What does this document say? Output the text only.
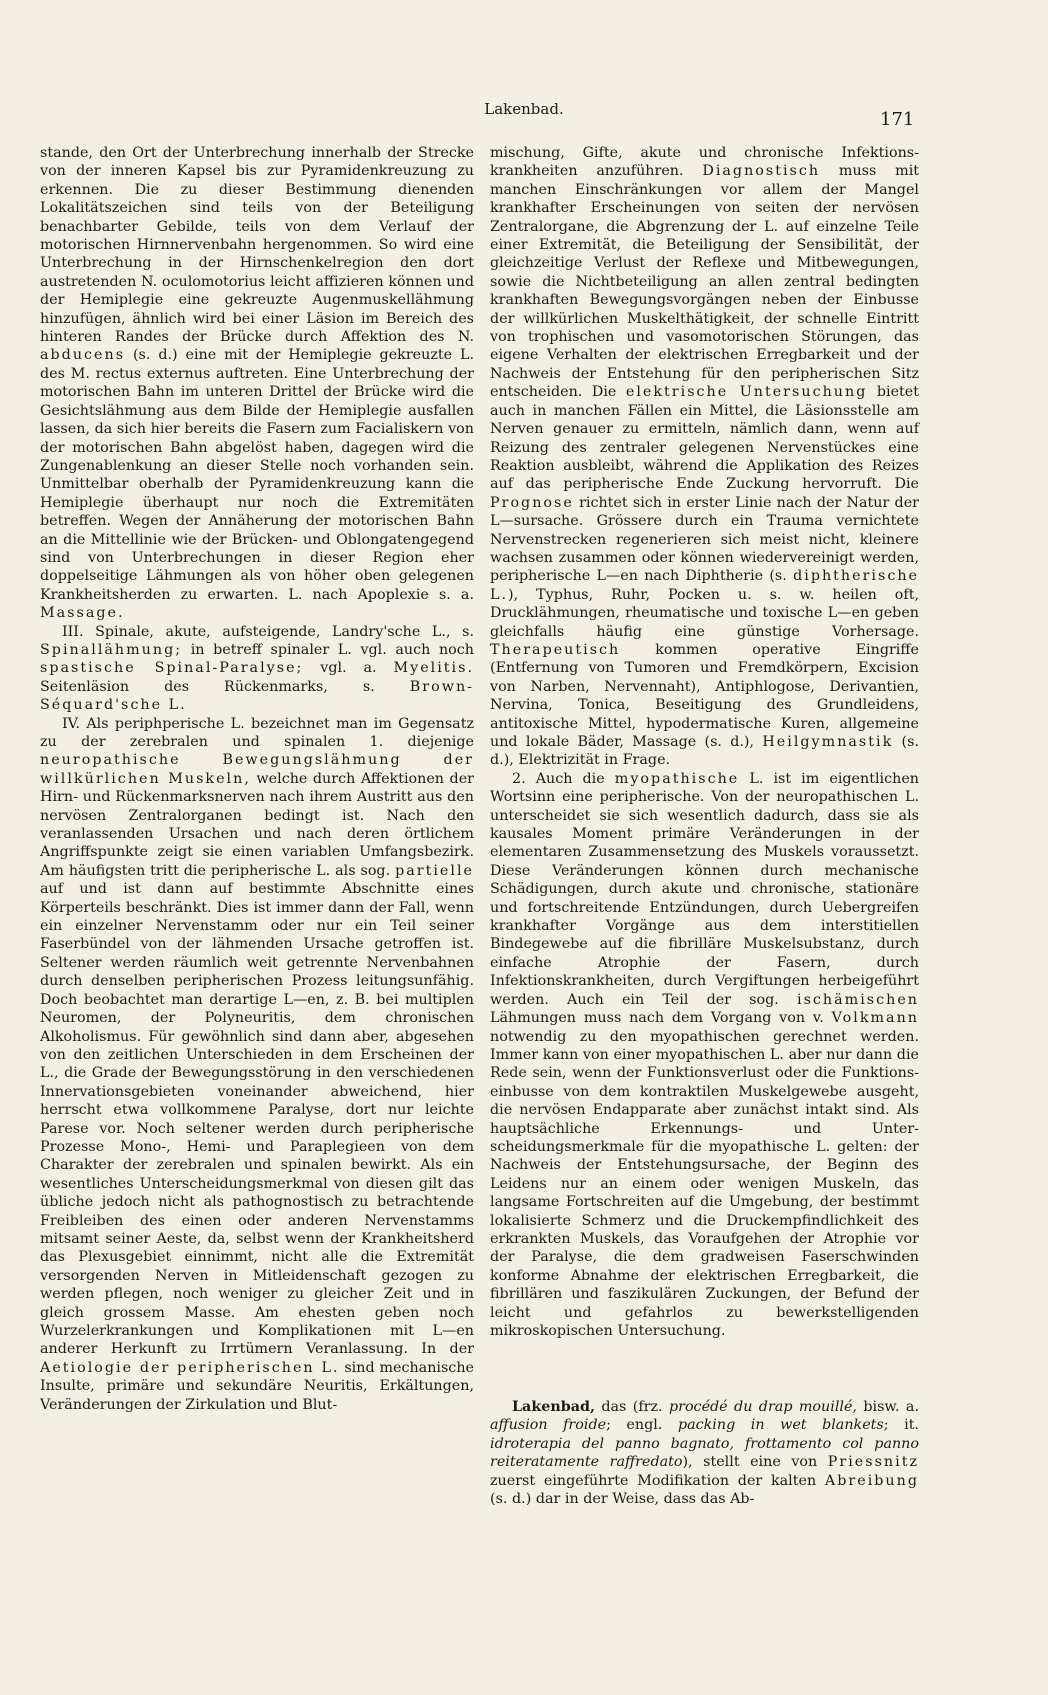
Lakenbad.	171

stande, den Ort der Unterbrechung innerhalb der Strecke von der inneren Kapsel bis zur Pyramidenkreuzung zu erkennen. Die zu dieser Bestimmung dienenden Lokalitätszeichen sind teils von der Beteiligung benachbarter Gebilde, teils von dem Verlauf der motorischen Hirnnervenbahn hergenommen. So wird eine Unterbrechung in der Hirnschenkelregion den dort austretenden N. oculomotorius leicht affizieren können und der Hemiplegie eine gekreuzte Augenmuskellähmung hinzufügen, ähnlich wird bei einer Läsion im Bereich des hinteren Randes der Brücke durch Affektion des N. abducens (s. d.) eine mit der Hemiplegie gekreuzte L. des M. rectus externus auftreten. Eine Unterbrechung der motorischen Bahn im unteren Drittel der Brücke wird die Gesichtslähmung aus dem Bilde der Hemiplegie ausfallen lassen, da sich hier bereits die Fasern zum Facialiskern von der motorischen Bahn abgelöst haben, dagegen wird die Zungenablenkung an dieser Stelle noch vorhanden sein. Unmittelbar oberhalb der Pyramidenkreuzung kann die Hemiplegie überhaupt nur noch die Extremitäten betreffen. Wegen der Annäherung der motorischen Bahn an die Mittellinie wie der Brücken- und Oblongatengegend sind von Unterbrechungen in dieser Region eher doppelseitige Lähmungen als von höher oben gelegenen Krankheitsherden zu erwarten. L. nach Apoplexie s. a. Massage.

III. Spinale, akute, aufsteigende, Landry'sche L., s. Spinallähmung; in betreff spinaler L. vgl. auch noch spastische Spinal-Paralyse; vgl. a. Myelitis. Seitenläsion des Rückenmarks, s. Brown-Séquard'sche L.

IV. Als periphperische L. bezeichnet man im Gegensatz zu der zerebralen und spinalen 1. diejenige neuropathische Bewegungslähmung der willkürlichen Muskeln, welche durch Affektionen der Hirn- und Rückenmarksnerven nach ihrem Austritt aus den nervösen Zentralorganen bedingt ist. Nach den veranlassenden Ursachen und nach deren örtlichem Angriffspunkte zeigt sie einen variablen Umfangsbezirk. Am häufigsten tritt die peripherische L. als sog. partielle auf und ist dann auf bestimmte Abschnitte eines Körperteils beschränkt. Dies ist immer dann der Fall, wenn ein einzelner Nervenstamm oder nur ein Teil seiner Faserbündel von der lähmenden Ursache getroffen ist. Seltener werden räumlich weit getrennte Nervenbahnen durch denselben peripherischen Prozess leitungsunfähig. Doch beobachtet man derartige L—en, z. B. bei multiplen Neuromen, der Polyneuritis, dem chronischen Alkoholismus. Für gewöhnlich sind dann aber, abgesehen von den zeitlichen Unterschieden in dem Erscheinen der L., die Grade der Bewegungsstörung in den verschiedenen Innervationsgebieten voneinander abweichend, hier herrscht etwa vollkommene Paralyse, dort nur leichte Parese vor. Noch seltener werden durch peripherische Prozesse Mono-, Hemi- und Paraplegieen von dem Charakter der zerebralen und spinalen bewirkt. Als ein wesentliches Unterscheidungsmerkmal von diesen gilt das übliche jedoch nicht als pathognostisch zu betrachtende Freibleiben des einen oder anderen Nervenstamms mitsamt seiner Aeste, da, selbst wenn der Krankheitsherd das Plexusgebiet einnimmt, nicht alle die Extremität versorgenden Nerven in Mitleidenschaft gezogen zu werden pflegen, noch weniger zu gleicher Zeit und in gleich grossem Masse. Am ehesten geben noch Wurzelerkrankungen und Komplikationen mit L—en anderer Herkunft zu Irrtümern Veranlassung. In der Aetiologie der peripherischen L. sind mechanische Insulte, primäre und sekundäre Neuritis, Erkältungen, Veränderungen der Zirkulation und Blut-

mischung, Gifte, akute und chronische Infektionskrankheiten anzuführen. Diagnostisch muss mit manchen Einschränkungen vor allem der Mangel krankhafter Erscheinungen von seiten der nervösen Zentralorgane, die Abgrenzung der L. auf einzelne Teile einer Extremität, die Beteiligung der Sensibilität, der gleichzeitige Verlust der Reflexe und Mitbewegungen, sowie die Nichtbeteiligung an allen zentral bedingten krankhaften Bewegungsvorgängen neben der Einbusse der willkürlichen Muskelthätigkeit, der schnelle Eintritt von trophischen und vasomotorischen Störungen, das eigene Verhalten der elektrischen Erregbarkeit und der Nachweis der Entstehung für den peripherischen Sitz entscheiden. Die elektrische Untersuchung bietet auch in manchen Fällen ein Mittel, die Läsionsstelle am Nerven genauer zu ermitteln, nämlich dann, wenn auf Reizung des zentraler gelegenen Nervenstückes eine Reaktion ausbleibt, während die Applikation des Reizes auf das peripherische Ende Zuckung hervorruft. Die Prognose richtet sich in erster Linie nach der Natur der L—sursache. Grössere durch ein Trauma vernichtete Nervenstrecken regenerieren sich meist nicht, kleinere wachsen zusammen oder können wiedervereinigt werden, peripherische L—en nach Diphtherie (s. diphtherische L.), Typhus, Ruhr, Pocken u. s. w. heilen oft, Drucklähmungen, rheumatische und toxische L—en geben gleichfalls häufig eine günstige Vorhersage. Therapeutisch kommen operative Eingriffe (Entfernung von Tumoren und Fremdkörpern, Excision von Narben, Nervennaht), Antiphlogose, Derivantien, Nervina, Tonica, Beseitigung des Grundleidens, antitoxische Mittel, hypodermatische Kuren, allgemeine und lokale Bäder, Massage (s. d.), Heilgymnastik (s. d.), Elektrizität in Frage.

2. Auch die myopathische L. ist im eigentlichen Wortsinn eine peripherische. Von der neuropathischen L. unterscheidet sie sich wesentlich dadurch, dass sie als kausales Moment primäre Veränderungen in der elementaren Zusammensetzung des Muskels voraussetzt. Diese Veränderungen können durch mechanische Schädigungen, durch akute und chronische, stationäre und fortschreitende Entzündungen, durch Uebergreifen krankhafter Vorgänge aus dem interstitiellen Bindegewebe auf die fibrilläre Muskelsubstanz, durch einfache Atrophie der Fasern, durch Infektionskrankheiten, durch Vergiftungen herbeigeführt werden. Auch ein Teil der sog. ischämischen Lähmungen muss nach dem Vorgang von v. Volkmann notwendig zu den myopathischen gerechnet werden. Immer kann von einer myopathischen L. aber nur dann die Rede sein, wenn der Funktionsverlust oder die Funktionseinbusse von dem kontraktilen Muskelgewebe ausgeht, die nervösen Endapparate aber zunächst intakt sind. Als hauptsächliche Erkennungs- und Unterscheidungsmerkmale für die myopathische L. gelten: der Nachweis der Entstehungsursache, der Beginn des Leidens nur an einem oder wenigen Muskeln, das langsame Fortschreiten auf die Umgebung, der bestimmt lokalisierte Schmerz und die Druckempfindlichkeit des erkrankten Muskels, das Voraufgehen der Atrophie vor der Paralyse, die dem gradweisen Faserschwinden konforme Abnahme der elektrischen Erregbarkeit, die fibrillären und faszikulären Zuckungen, der Befund der leicht und gefahrlos zu bewerkstelligenden mikroskopischen Untersuchung.

Lakenbad, das (frz. procédé du drap mouillé, bisw. a. affusion froide; engl. packing in wet blankets; it. idroterapia del panno bagnato, frottamento col panno reiteratamente raffredato), stellt eine von Priessnitz zuerst eingeführte Modifikation der kalten Abreibung (s. d.) dar in der Weise, dass das Ab-
